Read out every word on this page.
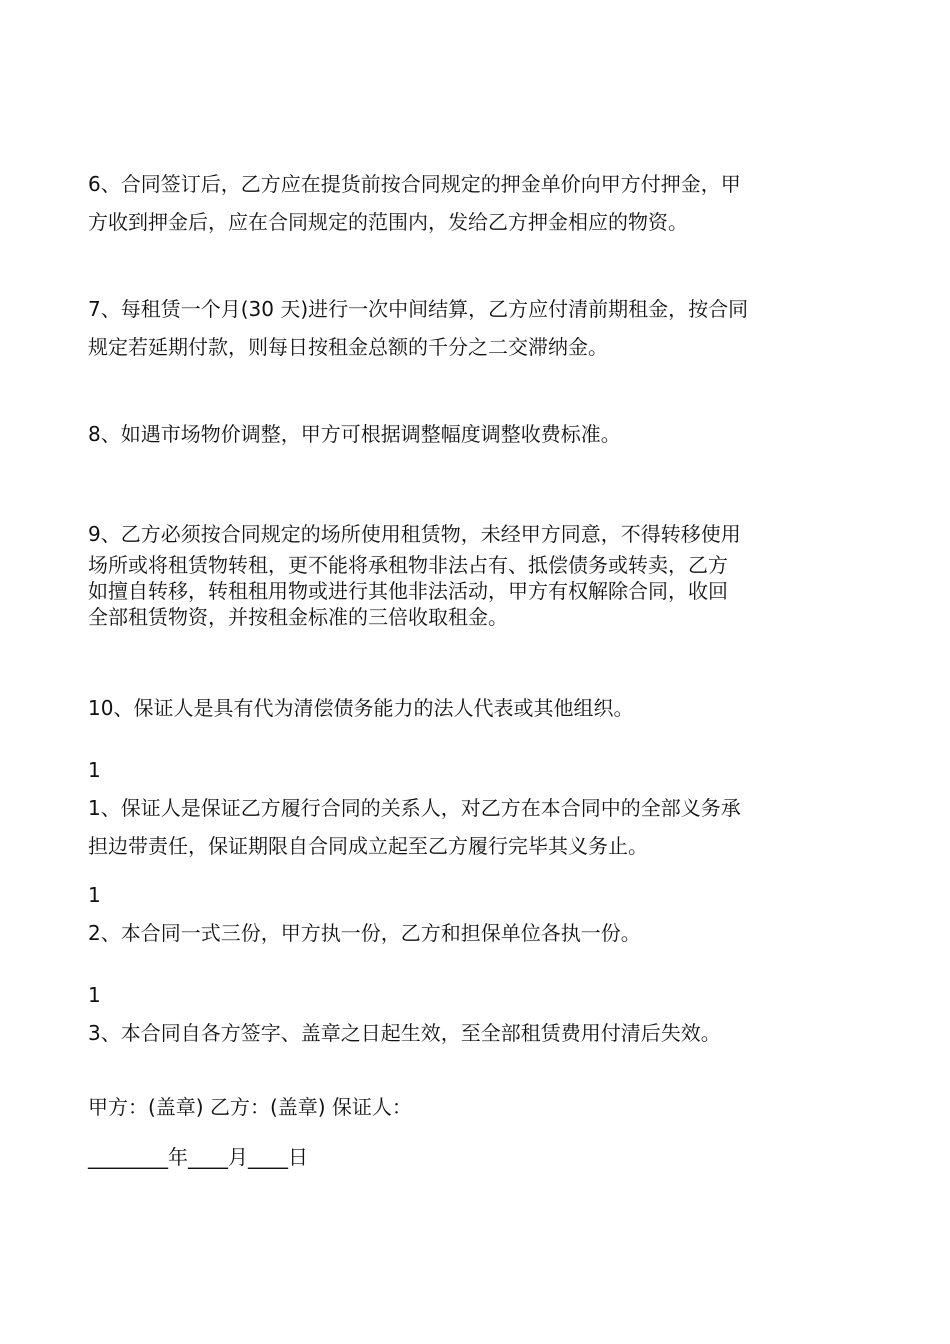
6、合同签订后，乙方应在提货前按合同规定的押金单价向甲方付押金，甲
方收到押金后，应在合同规定的范围内，发给乙方押金相应的物资。
7、每租赁一个月(30 天)进行一次中间结算，乙方应付清前期租金，按合同
规定若延期付款，则每日按租金总额的千分之二交滞纳金。
8、如遇市场物价调整，甲方可根据调整幅度调整收费标准。
9、乙方必须按合同规定的场所使用租赁物，未经甲方同意，不得转移使用
场所或将租赁物转租，更不能将承租物非法占有、抵偿债务或转卖，乙方
如擅自转移，转租租用物或进行其他非法活动，甲方有权解除合同，收回
全部租赁物资，并按租金标准的三倍收取租金。
10、保证人是具有代为清偿债务能力的法人代表或其他组织。
1
1、保证人是保证乙方履行合同的关系人，对乙方在本合同中的全部义务承
担边带责任，保证期限自合同成立起至乙方履行完毕其义务止。
1
2、本合同一式三份，甲方执一份，乙方和担保单位各执一份。
1
3、本合同自各方签字、盖章之日起生效，至全部租赁费用付清后失效。
甲方：(盖章) 乙方：(盖章) 保证人：
________年____月____日
